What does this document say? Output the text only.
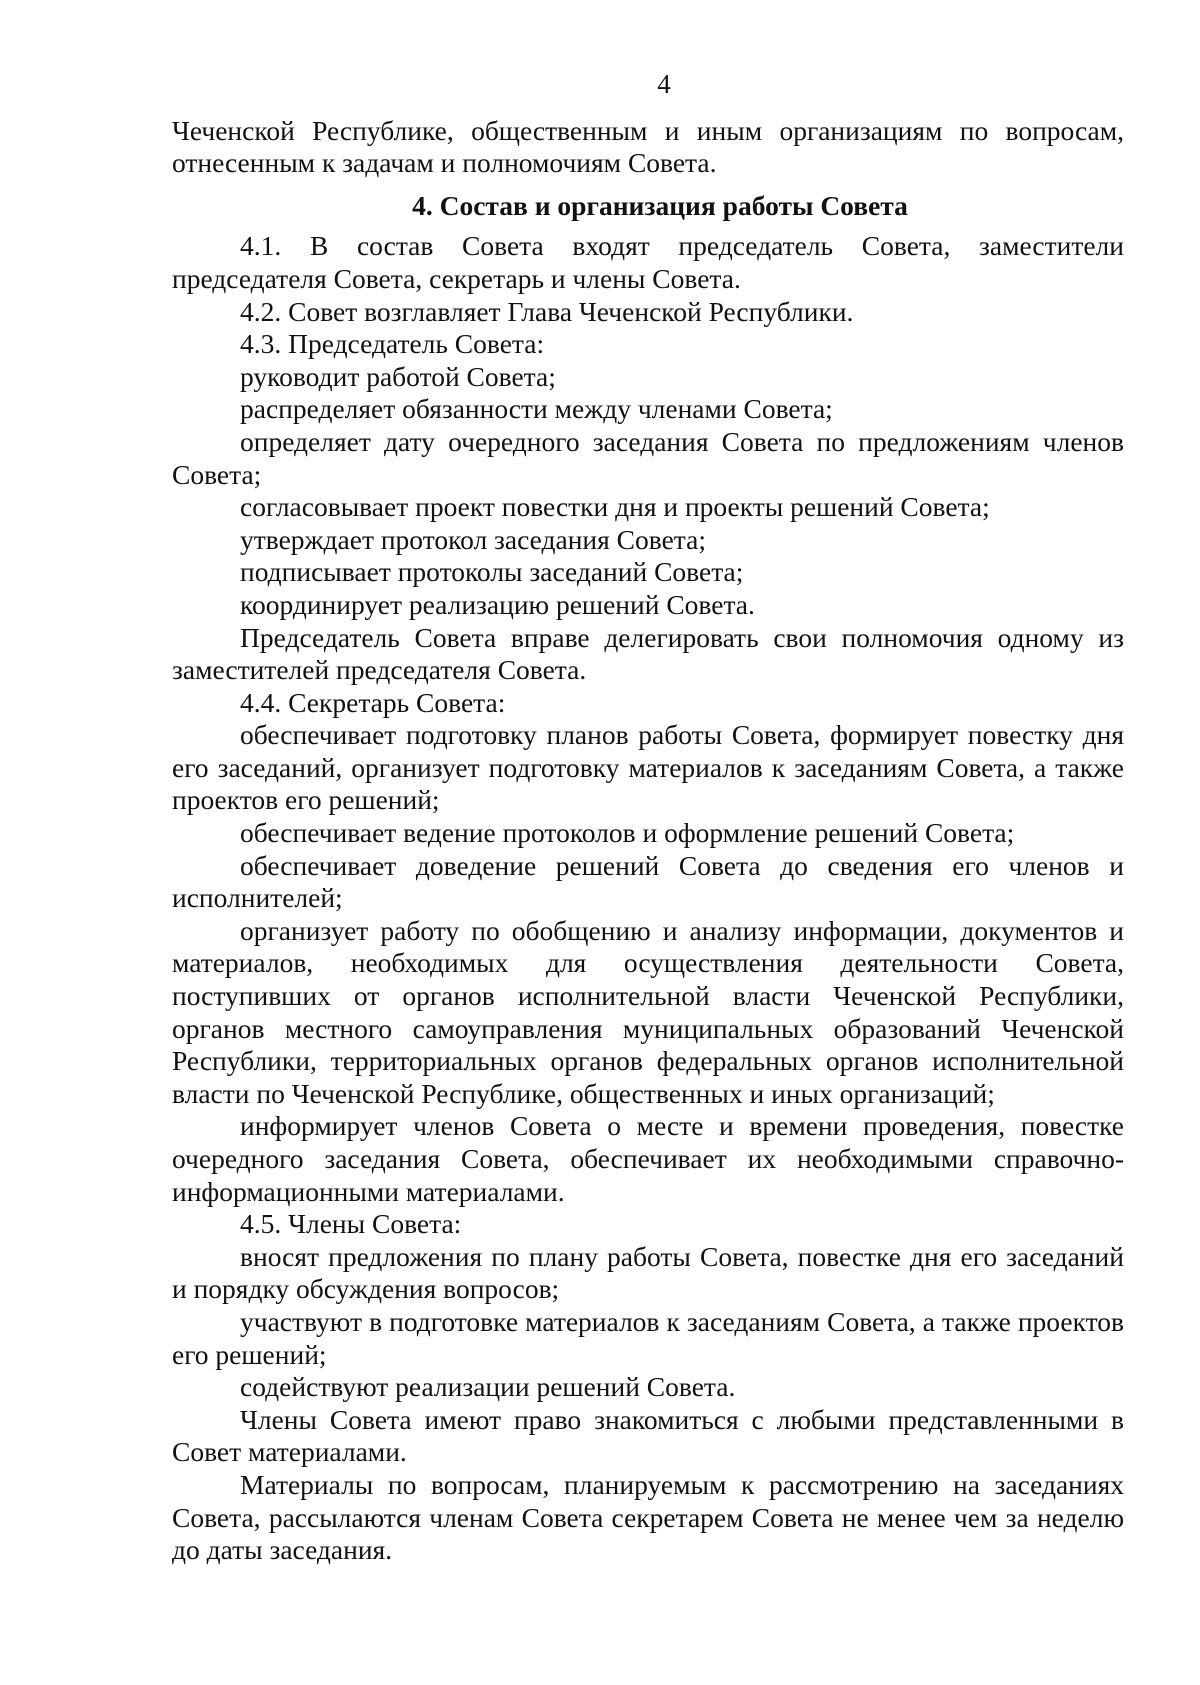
4

Чеченской Республике, общественным и иным организациям по вопросам, отнесенным к задачам и полномочиям Совета.

4. Состав и организация работы Совета

4.1. В состав Совета входят председатель Совета, заместители председателя Совета, секретарь и члены Совета.

4.2. Совет возглавляет Глава Чеченской Республики.

4.3. Председатель Совета:

руководит работой Совета;

распределяет обязанности между членами Совета;

определяет дату очередного заседания Совета по предложениям членов Совета;

согласовывает проект повестки дня и проекты решений Совета;

утверждает протокол заседания Совета;

подписывает протоколы заседаний Совета;

координирует реализацию решений Совета.

Председатель Совета вправе делегировать свои полномочия одному из заместителей председателя Совета.

4.4. Секретарь Совета:

обеспечивает подготовку планов работы Совета, формирует повестку дня его заседаний, организует подготовку материалов к заседаниям Совета, а также проектов его решений;

обеспечивает ведение протоколов и оформление решений Совета;

обеспечивает доведение решений Совета до сведения его членов и исполнителей;

организует работу по обобщению и анализу информации, документов и материалов, необходимых для осуществления деятельности Совета, поступивших от органов исполнительной власти Чеченской Республики, органов местного самоуправления муниципальных образований Чеченской Республики, территориальных органов федеральных органов исполнительной власти по Чеченской Республике, общественных и иных организаций;

информирует членов Совета о месте и времени проведения, повестке очередного заседания Совета, обеспечивает их необходимыми справочно-информационными материалами.

4.5. Члены Совета:

вносят предложения по плану работы Совета, повестке дня его заседаний и порядку обсуждения вопросов;

участвуют в подготовке материалов к заседаниям Совета, а также проектов его решений;

содействуют реализации решений Совета.

Члены Совета имеют право знакомиться с любыми представленными в Совет материалами.

Материалы по вопросам, планируемым к рассмотрению на заседаниях Совета, рассылаются членам Совета секретарем Совета не менее чем за неделю до даты заседания.
